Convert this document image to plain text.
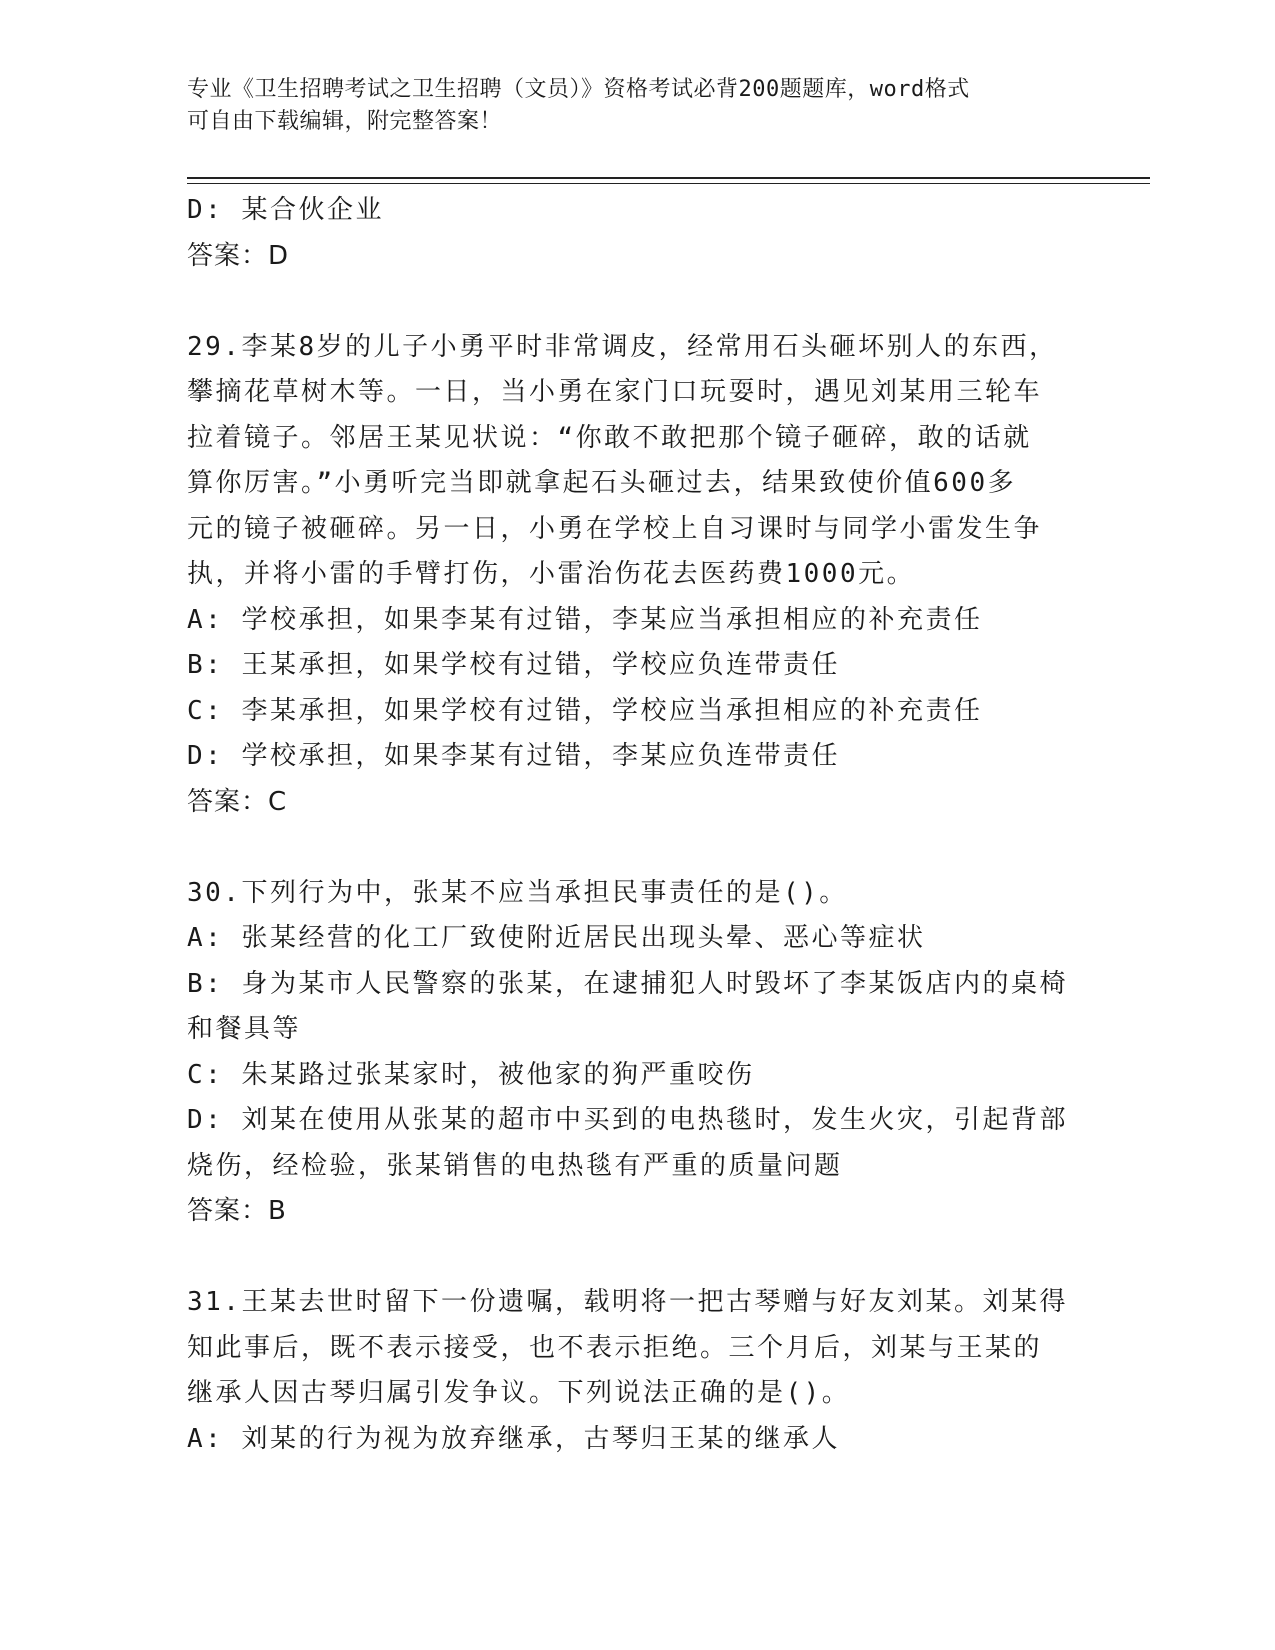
专业《卫生招聘考试之卫生招聘（文员）》资格考试必背200题题库，word格式
可自由下载编辑，附完整答案！
D: 某合伙企业
答案：D
29.李某8岁的儿子小勇平时非常调皮，经常用石头砸坏别人的东西，
攀摘花草树木等。一日，当小勇在家门口玩耍时，遇见刘某用三轮车
拉着镜子。邻居王某见状说：“你敢不敢把那个镜子砸碎，敢的话就
算你厉害。”小勇听完当即就拿起石头砸过去，结果致使价值600多
元的镜子被砸碎。另一日，小勇在学校上自习课时与同学小雷发生争
执，并将小雷的手臂打伤，小雷治伤花去医药费1000元。
A: 学校承担，如果李某有过错，李某应当承担相应的补充责任
B: 王某承担，如果学校有过错，学校应负连带责任
C: 李某承担，如果学校有过错，学校应当承担相应的补充责任
D: 学校承担，如果李某有过错，李某应负连带责任
答案：C
30.下列行为中，张某不应当承担民事责任的是()。
A: 张某经营的化工厂致使附近居民出现头晕、恶心等症状
B: 身为某市人民警察的张某，在逮捕犯人时毁坏了李某饭店内的桌椅
和餐具等
C: 朱某路过张某家时，被他家的狗严重咬伤
D: 刘某在使用从张某的超市中买到的电热毯时，发生火灾，引起背部
烧伤，经检验，张某销售的电热毯有严重的质量问题
答案：B
31.王某去世时留下一份遗嘱，载明将一把古琴赠与好友刘某。刘某得
知此事后，既不表示接受，也不表示拒绝。三个月后，刘某与王某的
继承人因古琴归属引发争议。下列说法正确的是()。
A: 刘某的行为视为放弃继承，古琴归王某的继承人
